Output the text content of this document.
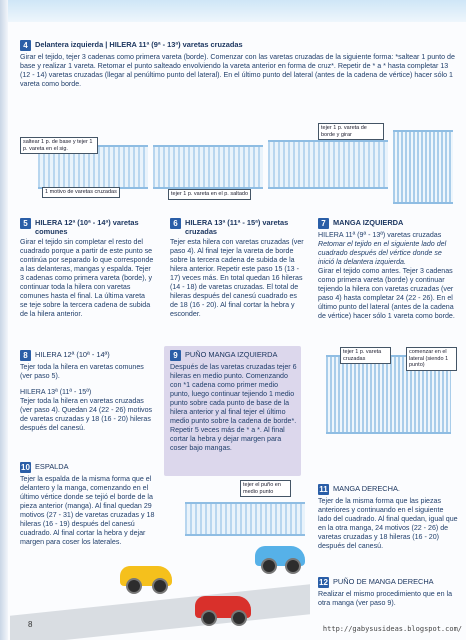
4 Delantera izquierda | HILERA 11ª (9ª - 13ª) varetas cruzadas
Girar el tejido, tejer 3 cadenas como primera vareta (borde). Comenzar con las varetas cruzadas de la siguiente forma: *saltear 1 punto de base y realizar 1 vareta. Retomar el punto salteado envolviendo la vareta anterior en forma de cruz*. Repetir de * a * hasta completar 13 (12 - 14) varetas cruzadas (llegar al penúltimo punto del lateral). En el último punto del lateral (antes de la cadena de vértice) hacer sólo 1 vareta como borde.
saltear 1 p. de base y tejer 1 p. vareta en el sig.
1 motivo de varetas cruzadas	tejer 1 p. vareta en el p. saltado
tejer 1 p. vareta de borde y girar
5 HILERA 12ª (10ª - 14ª) varetas comunes
Girar el tejido sin completar el resto del cuadrado porque a partir de este punto se continúa por separado lo que corresponde a las delanteras, mangas y espalda. Tejer 3 cadenas como primera vareta (borde), y continuar toda la hilera con varetas comunes hasta el final. La última vareta se teje sobre la tercera cadena de subida de la hilera anterior.
6 HILERA 13ª (11ª - 15ª) varetas cruzadas
Tejer esta hilera con varetas cruzadas (ver paso 4). Al final tejer la vareta de borde sobre la tercera cadena de subida de la hilera anterior. Repetir este paso 15 (13 - 17) veces más. En total quedan 16 hileras (14 - 18) de varetas cruzadas. El total de hileras después del canesú cuadrado es de 18 (16 - 20). Al final cortar la hebra y esconder.
7 MANGA IZQUIERDA
HILERA 11ª (9ª - 13ª) varetas cruzadas
Retomar el tejido en el siguiente lado del cuadrado después del vértice donde se inició la delantera izquierda.
Girar el tejido como antes. Tejer 3 cadenas como primera vareta (borde) y continuar tejiendo la hilera con varetas cruzadas (ver paso 4) hasta completar 24 (22 - 26). En el último punto del lateral (antes de la cadena de vértice) hacer sólo 1 vareta como borde.
8 HILERA 12ª (10ª - 14ª)
Tejer toda la hilera en varetas comunes (ver paso 5).
HILERA 13ª (11ª - 15ª)
Tejer toda la hilera en varetas cruzadas (ver paso 4). Quedan 24 (22 - 26) motivos de varetas cruzadas y 18 (16 - 20) hileras después del canesú.
9 PUÑO MANGA IZQUIERDA
Después de las varetas cruzadas tejer 6 hileras en medio punto. Comenzando con *1 cadena como primer medio punto, luego continuar tejiendo 1 medio punto sobre cada punto de base de la hilera anterior y al final tejer el último medio punto sobre la cadena de borde*. Repetir 5 veces más de * a *. Al final cortar la hebra y dejar margen para coser bajo mangas.
tejer 1 p. vareta cruzadas
comenzar en el lateral (siendo 1 punto)
tejer el puño en medio punto
10 ESPALDA
Tejer la espalda de la misma forma que el delantero y la manga, comenzando en el último vértice donde se tejió el borde de la pieza anterior (manga). Al final quedan 29 motivos (27 - 31) de varetas cruzadas y 18 hileras (16 - 19) después del canesú cuadrado. Al final cortar la hebra y dejar margen para coser los laterales.
11 MANGA DERECHA.
Tejer de la misma forma que las piezas anteriores y continuando en el siguiente lado del cuadrado. Al final quedan, igual que en la otra manga, 24 motivos (22 - 26) de varetas cruzadas y 18 hileras (16 - 20) después del canesú.
12 PUÑO DE MANGA DERECHA
Realizar el mismo procedimiento que en la otra manga (ver paso 9).
8	http://gabysusideas.blogspot.com/
